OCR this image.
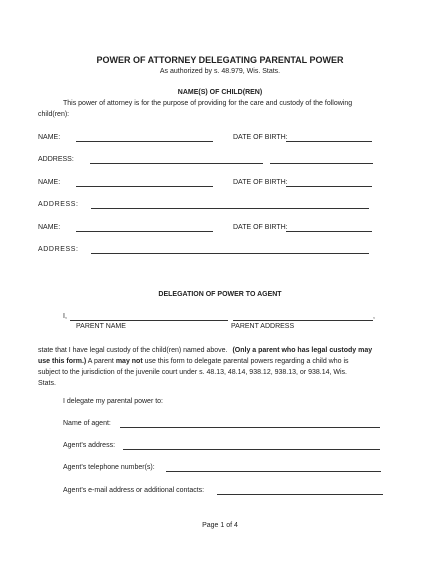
POWER OF ATTORNEY DELEGATING PARENTAL POWER
As authorized by s. 48.979, Wis. Stats.
NAME(S) OF CHILD(REN)
This power of attorney is for the purpose of providing for the care and custody of the following
child(ren):
NAME:	DATE OF BIRTH:
ADDRESS:
NAME:	DATE OF BIRTH:
ADDRESS:
NAME:	DATE OF BIRTH:
ADDRESS:
DELEGATION OF POWER TO AGENT
I,	,
PARENT NAME	PARENT ADDRESS
state that I have legal custody of the child(ren) named above. (Only a parent who has legal custody may
use this form.) A parent may not use this form to delegate parental powers regarding a child who is
subject to the jurisdiction of the juvenile court under s. 48.13, 48.14, 938.12, 938.13, or 938.14, Wis.
Stats.
I delegate my parental power to:
Name of agent:
Agent’s address:
Agent’s telephone number(s):
Agent’s e-mail address or additional contacts:
Page 1 of 4
